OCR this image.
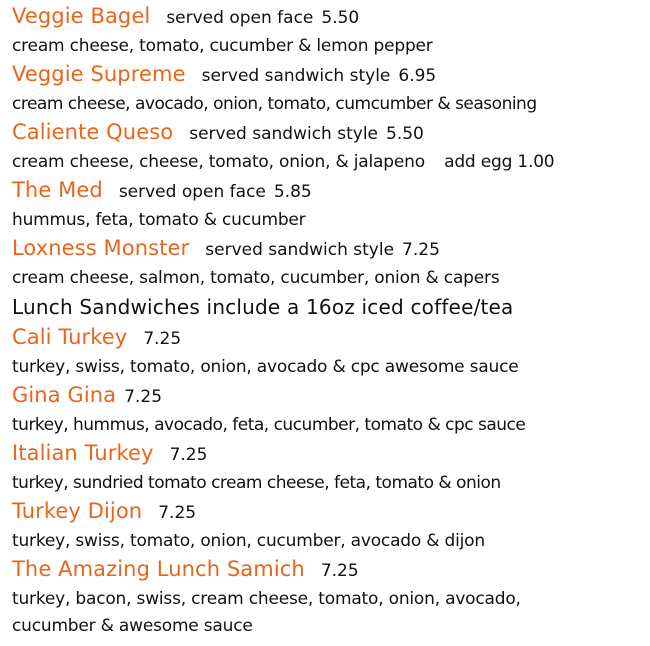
Veggie Bagel served open face 5.50
cream cheese, tomato, cucumber & lemon pepper
Veggie Supreme served sandwich style 6.95
cream cheese, avocado, onion, tomato, cumcumber & seasoning
Caliente Queso served sandwich style 5.50
cream cheese, cheese, tomato, onion, & jalapeno add egg 1.00
The Med served open face 5.85
hummus, feta, tomato & cucumber
Loxness Monster served sandwich style 7.25
cream cheese, salmon, tomato, cucumber, onion & capers
Lunch Sandwiches include a 16oz iced coffee/tea
Cali Turkey 7.25
turkey, swiss, tomato, onion, avocado & cpc awesome sauce
Gina Gina 7.25
turkey, hummus, avocado, feta, cucumber, tomato & cpc sauce
Italian Turkey 7.25
turkey, sundried tomato cream cheese, feta, tomato & onion
Turkey Dijon 7.25
turkey, swiss, tomato, onion, cucumber, avocado & dijon
The Amazing Lunch Samich 7.25
turkey, bacon, swiss, cream cheese, tomato, onion, avocado,
cucumber & awesome sauce
